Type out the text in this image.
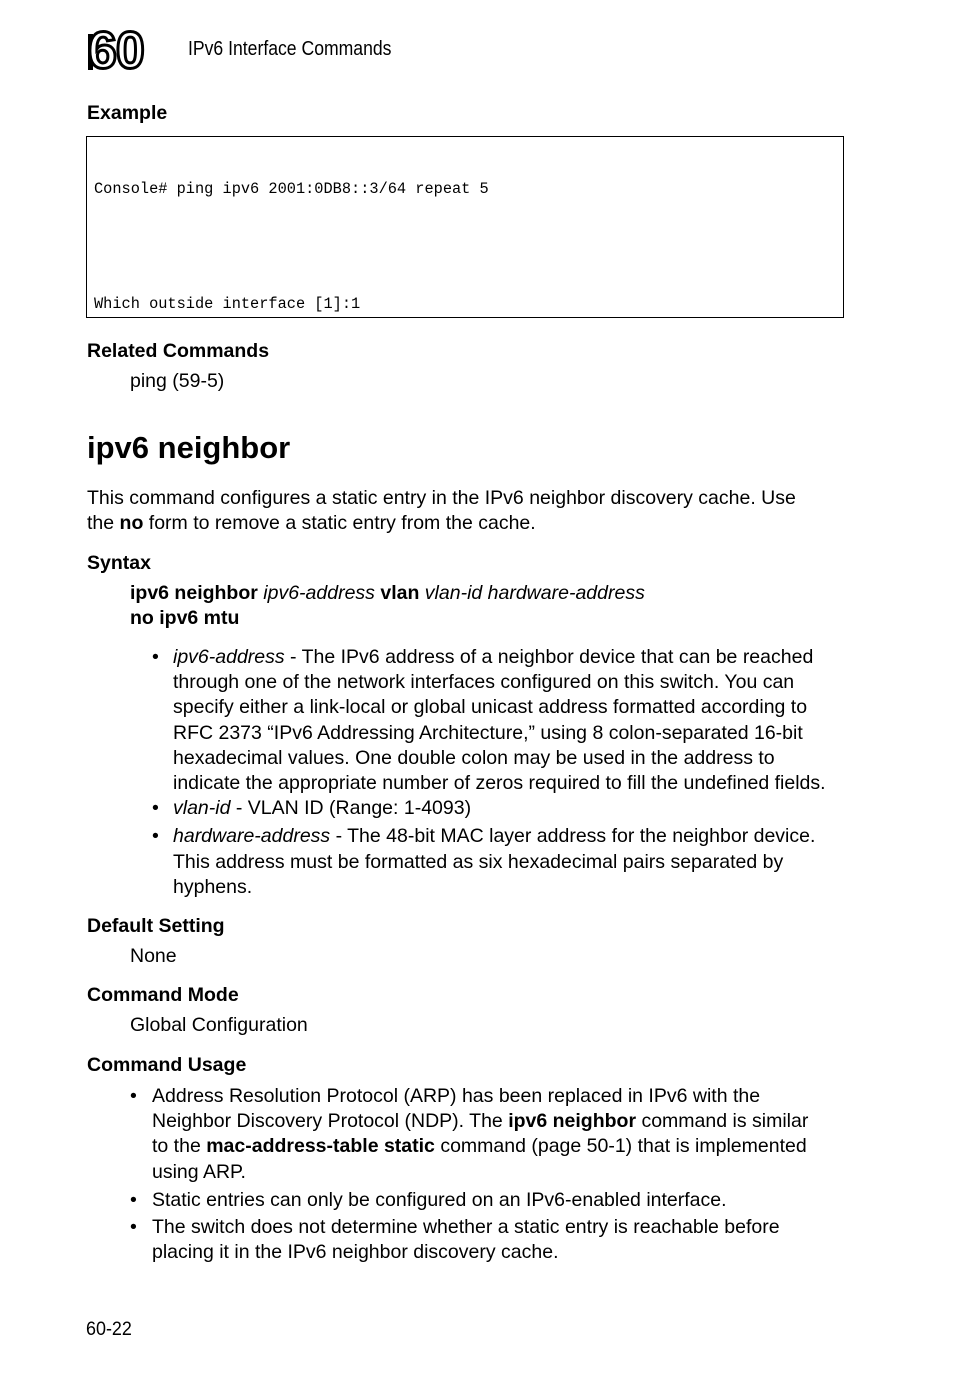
60 IPv6 Interface Commands
Example

Console# ping ipv6 2001:0DB8::3/64 repeat 5

Which outside interface [1]:1

Related Commands
ping (59-5)
ipv6 neighbor
This command configures a static entry in the IPv6 neighbor discovery cache. Use
the no form to remove a static entry from the cache.
Syntax
ipv6 neighbor ipv6-address vlan vlan-id hardware-address
no ipv6 mtu
• ipv6-address - The IPv6 address of a neighbor device that can be reached
through one of the network interfaces configured on this switch. You can
specify either a link-local or global unicast address formatted according to
RFC 2373 “IPv6 Addressing Architecture,” using 8 colon-separated 16-bit
hexadecimal values. One double colon may be used in the address to
indicate the appropriate number of zeros required to fill the undefined fields.
• vlan-id - VLAN ID (Range: 1-4093)
• hardware-address - The 48-bit MAC layer address for the neighbor device.
This address must be formatted as six hexadecimal pairs separated by
hyphens.
Default Setting
None
Command Mode
Global Configuration
Command Usage
• Address Resolution Protocol (ARP) has been replaced in IPv6 with the
Neighbor Discovery Protocol (NDP). The ipv6 neighbor command is similar
to the mac-address-table static command (page 50-1) that is implemented
using ARP.
• Static entries can only be configured on an IPv6-enabled interface.
• The switch does not determine whether a static entry is reachable before
placing it in the IPv6 neighbor discovery cache.
60-22
